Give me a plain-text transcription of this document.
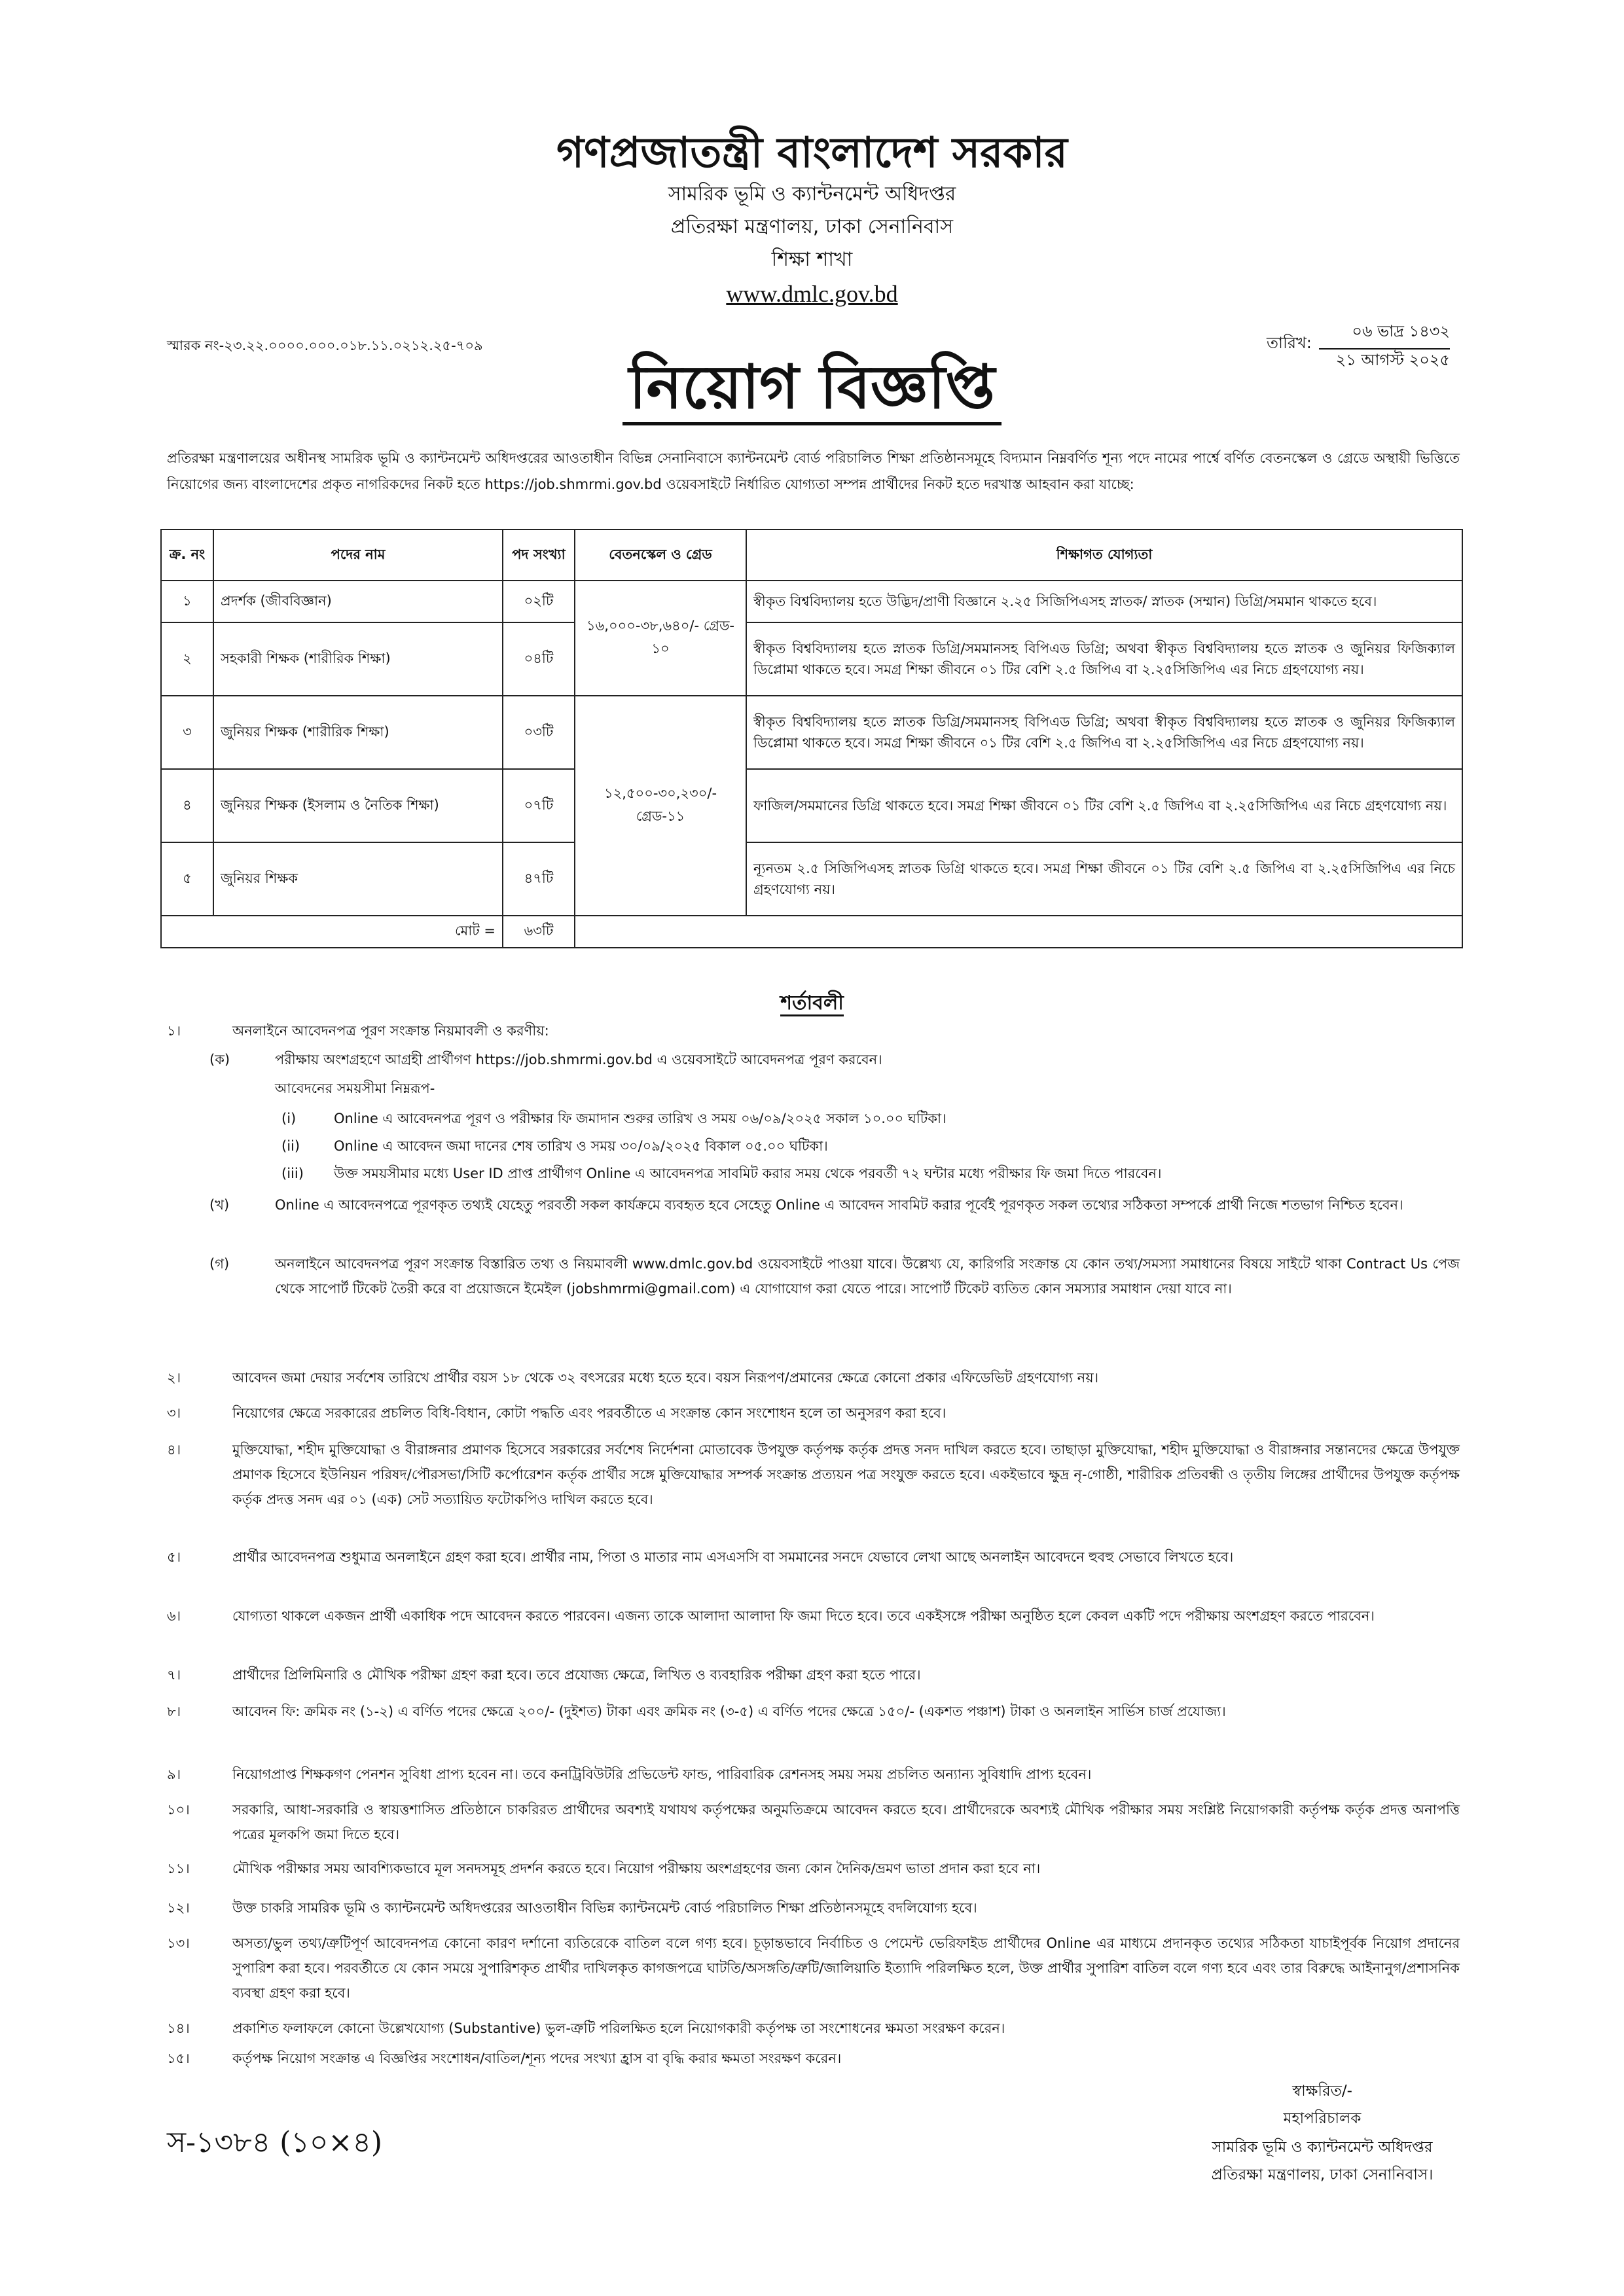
গণপ্রজাতন্ত্রী বাংলাদেশ সরকার
সামরিক ভূমি ও ক্যান্টনমেন্ট অধিদপ্তর
প্রতিরক্ষা মন্ত্রণালয়, ঢাকা সেনানিবাস
শিক্ষা শাখা
www.dmlc.gov.bd
স্মারক নং-২৩.২২.০০০০.০০০.০১৮.১১.০২১২.২৫-৭০৯	তারিখ:
০৬ ভাদ্র ১৪৩২
২১ আগস্ট ২০২৫
নিয়োগ বিজ্ঞপ্তি
প্রতিরক্ষা মন্ত্রণালয়ের অধীনস্থ সামরিক ভূমি ও ক্যান্টনমেন্ট অধিদপ্তরের আওতাধীন বিভিন্ন সেনানিবাসে ক্যান্টনমেন্ট বোর্ড পরিচালিত শিক্ষা প্রতিষ্ঠানসমূহে বিদ্যমান নিম্নবর্ণিত শূন্য পদে নামের পার্শ্বে বর্ণিত বেতনস্কেল ও গ্রেডে অস্থায়ী ভিত্তিতে নিয়োগের জন্য বাংলাদেশের প্রকৃত নাগরিকদের নিকট হতে https://job.shmrmi.gov.bd ওয়েবসাইটে নির্ধারিত যোগ্যতা সম্পন্ন প্রার্থীদের নিকট হতে দরখাস্ত আহবান করা যাচ্ছে:
ক্র. নং	পদের নাম	পদ সংখ্যা	বেতনস্কেল ও গ্রেড	শিক্ষাগত যোগ্যতা
১	প্রদর্শক (জীববিজ্ঞান)	০২টি	১৬,০০০-৩৮,৬৪০/- গ্রেড- ১০	স্বীকৃত বিশ্ববিদ্যালয় হতে উদ্ভিদ/প্রাণী বিজ্ঞানে ২.২৫ সিজিপিএসহ স্নাতক/ স্নাতক (সম্মান) ডিগ্রি/সমমান থাকতে হবে।
২	সহকারী শিক্ষক (শারীরিক শিক্ষা)	০৪টি		স্বীকৃত বিশ্ববিদ্যালয় হতে স্নাতক ডিগ্রি/সমমানসহ বিপিএড ডিগ্রি; অথবা স্বীকৃত বিশ্ববিদ্যালয় হতে স্নাতক ও জুনিয়র ফিজিক্যাল ডিপ্লোমা থাকতে হবে। সমগ্র শিক্ষা জীবনে ০১ টির বেশি ২.৫ জিপিএ বা ২.২৫সিজিপিএ এর নিচে গ্রহণযোগ্য নয়।
৩	জুনিয়র শিক্ষক (শারীরিক শিক্ষা)	০৩টি	১২,৫০০-৩০,২৩০/- গ্রেড-১১	স্বীকৃত বিশ্ববিদ্যালয় হতে স্নাতক ডিগ্রি/সমমানসহ বিপিএড ডিগ্রি; অথবা স্বীকৃত বিশ্ববিদ্যালয় হতে স্নাতক ও জুনিয়র ফিজিক্যাল ডিপ্লোমা থাকতে হবে। সমগ্র শিক্ষা জীবনে ০১ টির বেশি ২.৫ জিপিএ বা ২.২৫সিজিপিএ এর নিচে গ্রহণযোগ্য নয়।
৪	জুনিয়র শিক্ষক (ইসলাম ও নৈতিক শিক্ষা)	০৭টি		ফাজিল/সমমানের ডিগ্রি থাকতে হবে। সমগ্র শিক্ষা জীবনে ০১ টির বেশি ২.৫ জিপিএ বা ২.২৫সিজিপিএ এর নিচে গ্রহণযোগ্য নয়।
৫	জুনিয়র শিক্ষক	৪৭টি		ন্যূনতম ২.৫ সিজিপিএসহ স্নাতক ডিগ্রি থাকতে হবে। সমগ্র শিক্ষা জীবনে ০১ টির বেশি ২.৫ জিপিএ বা ২.২৫সিজিপিএ এর নিচে গ্রহণযোগ্য নয়।
মোট =		৬৩টি		
শর্তাবলী
১।	অনলাইনে আবেদনপত্র পূরণ সংক্রান্ত নিয়মাবলী ও করণীয়:
(ক)	পরীক্ষায় অংশগ্রহণে আগ্রহী প্রার্থীগণ https://job.shmrmi.gov.bd এ ওয়েবসাইটে আবেদনপত্র পূরণ করবেন।
আবেদনের সময়সীমা নিম্নরূপ-
(i)	Online এ আবেদনপত্র পূরণ ও পরীক্ষার ফি জমাদান শুরুর তারিখ ও সময় ০৬/০৯/২০২৫ সকাল ১০.০০ ঘটিকা।
(ii) Online এ আবেদন জমা দানের শেষ তারিখ ও সময় ৩০/০৯/২০২৫ বিকাল ০৫.০০ ঘটিকা।
(iii) উক্ত সময়সীমার মধ্যে User ID প্রাপ্ত প্রার্থীগণ Online এ আবেদনপত্র সাবমিট করার সময় থেকে পরবর্তী ৭২ ঘন্টার মধ্যে পরীক্ষার ফি জমা দিতে পারবেন।
(খ)	Online এ আবেদনপত্রে পূরণকৃত তথ্যই যেহেতু পরবর্তী সকল কার্যক্রমে ব্যবহৃত হবে সেহেতু Online এ আবেদন সাবমিট করার পূর্বেই পূরণকৃত সকল তথ্যের সঠিকতা সম্পর্কে প্রার্থী নিজে শতভাগ নিশ্চিত হবেন।
(গ)	অনলাইনে আবেদনপত্র পূরণ সংক্রান্ত বিস্তারিত তথ্য ও নিয়মাবলী www.dmlc.gov.bd ওয়েবসাইটে পাওয়া যাবে। উল্লেখ্য যে, কারিগরি সংক্রান্ত যে কোন তথ্য/সমস্যা সমাধানের বিষয়ে সাইটে থাকা Contract Us পেজ থেকে সাপোর্ট টিকেট তৈরী করে বা প্রয়োজনে ইমেইল (jobshmrmi@gmail.com) এ যোগাযোগ করা যেতে পারে। সাপোর্ট টিকেট ব্যতিত কোন সমস্যার সমাধান দেয়া যাবে না।
২।	আবেদন জমা দেয়ার সর্বশেষ তারিখে প্রার্থীর বয়স ১৮ থেকে ৩২ বৎসরের মধ্যে হতে হবে। বয়স নিরূপণ/প্রমানের ক্ষেত্রে কোনো প্রকার এফিডেভিট গ্রহণযোগ্য নয়।
৩।	নিয়োগের ক্ষেত্রে সরকারের প্রচলিত বিধি-বিধান, কোটা পদ্ধতি এবং পরবর্তীতে এ সংক্রান্ত কোন সংশোধন হলে তা অনুসরণ করা হবে।
৪।	মুক্তিযোদ্ধা, শহীদ মুক্তিযোদ্ধা ও বীরাঙ্গনার প্রমাণক হিসেবে সরকারের সর্বশেষ নির্দেশনা মোতাবেক উপযুক্ত কর্তৃপক্ষ কর্তৃক প্রদত্ত সনদ দাখিল করতে হবে। তাছাড়া মুক্তিযোদ্ধা, শহীদ মুক্তিযোদ্ধা ও বীরাঙ্গনার সন্তানদের ক্ষেত্রে উপযুক্ত প্রমাণক হিসেবে ইউনিয়ন পরিষদ/পৌরসভা/সিটি কর্পোরেশন কর্তৃক প্রার্থীর সঙ্গে মুক্তিযোদ্ধার সম্পর্ক সংক্রান্ত প্রত্যয়ন পত্র সংযুক্ত করতে হবে। একইভাবে ক্ষুদ্র নৃ-গোষ্ঠী, শারীরিক প্রতিবন্ধী ও তৃতীয় লিঙ্গের প্রার্থীদের উপযুক্ত কর্তৃপক্ষ কর্তৃক প্রদত্ত সনদ এর ০১ (এক) সেট সত্যায়িত ফটোকপিও দাখিল করতে হবে।
৫।	প্রার্থীর আবেদনপত্র শুধুমাত্র অনলাইনে গ্রহণ করা হবে। প্রার্থীর নাম, পিতা ও মাতার নাম এসএসসি বা সমমানের সনদে যেভাবে লেখা আছে অনলাইন আবেদনে হুবহু সেভাবে লিখতে হবে।
৬।	যোগ্যতা থাকলে একজন প্রার্থী একাধিক পদে আবেদন করতে পারবেন। এজন্য তাকে আলাদা আলাদা ফি জমা দিতে হবে। তবে একইসঙ্গে পরীক্ষা অনুষ্ঠিত হলে কেবল একটি পদে পরীক্ষায় অংশগ্রহণ করতে পারবেন।
৭।	প্রার্থীদের প্রিলিমিনারি ও মৌখিক পরীক্ষা গ্রহণ করা হবে। তবে প্রযোজ্য ক্ষেত্রে, লিখিত ও ব্যবহারিক পরীক্ষা গ্রহণ করা হতে পারে।
৮।	আবেদন ফি: ক্রমিক নং (১-২) এ বর্ণিত পদের ক্ষেত্রে ২০০/- (দুইশত) টাকা এবং ক্রমিক নং (৩-৫) এ বর্ণিত পদের ক্ষেত্রে ১৫০/- (একশত পঞ্চাশ) টাকা ও অনলাইন সার্ভিস চার্জ প্রযোজ্য।
৯।	নিয়োগপ্রাপ্ত শিক্ষকগণ পেনশন সুবিধা প্রাপ্য হবেন না। তবে কনট্রিবিউটরি প্রভিডেন্ট ফান্ড, পারিবারিক রেশনসহ সময় সময় প্রচলিত অন্যান্য সুবিধাদি প্রাপ্য হবেন।
১০।	সরকারি, আধা-সরকারি ও স্বায়ত্তশাসিত প্রতিষ্ঠানে চাকরিরত প্রার্থীদের অবশ্যই যথাযথ কর্তৃপক্ষের অনুমতিক্রমে আবেদন করতে হবে। প্রার্থীদেরকে অবশ্যই মৌখিক পরীক্ষার সময় সংশ্লিষ্ট নিয়োগকারী কর্তৃপক্ষ কর্তৃক প্রদত্ত অনাপত্তি পত্রের মূলকপি জমা দিতে হবে।
১১।	মৌখিক পরীক্ষার সময় আবশ্যিকভাবে মূল সনদসমূহ প্রদর্শন করতে হবে। নিয়োগ পরীক্ষায় অংশগ্রহণের জন্য কোন দৈনিক/ভ্রমণ ভাতা প্রদান করা হবে না।
১২।	উক্ত চাকরি সামরিক ভূমি ও ক্যান্টনমেন্ট অধিদপ্তরের আওতাধীন বিভিন্ন ক্যান্টনমেন্ট বোর্ড পরিচালিত শিক্ষা প্রতিষ্ঠানসমূহে বদলিযোগ্য হবে।
১৩।	অসত্য/ভুল তথ্য/ত্রুটিপূর্ণ আবেদনপত্র কোনো কারণ দর্শানো ব্যতিরেকে বাতিল বলে গণ্য হবে। চূড়ান্তভাবে নির্বাচিত ও পেমেন্ট ভেরিফাইড প্রার্থীদের Online এর মাধ্যমে প্রদানকৃত তথ্যের সঠিকতা যাচাইপূর্বক নিয়োগ প্রদানের সুপারিশ করা হবে। পরবর্তীতে যে কোন সময়ে সুপারিশকৃত প্রার্থীর দাখিলকৃত কাগজপত্রে ঘাটতি/অসঙ্গতি/ত্রুটি/জালিয়াতি ইত্যাদি পরিলক্ষিত হলে, উক্ত প্রার্থীর সুপারিশ বাতিল বলে গণ্য হবে এবং তার বিরুদ্ধে আইনানুগ/প্রশাসনিক ব্যবস্থা গ্রহণ করা হবে।
১৪।	প্রকাশিত ফলাফলে কোনো উল্লেখযোগ্য (Substantive) ভুল-ত্রুটি পরিলক্ষিত হলে নিয়োগকারী কর্তৃপক্ষ তা সংশোধনের ক্ষমতা সংরক্ষণ করেন।
১৫।	কর্তৃপক্ষ নিয়োগ সংক্রান্ত এ বিজ্ঞপ্তির সংশোধন/বাতিল/শূন্য পদের সংখ্যা হ্রাস বা বৃদ্ধি করার ক্ষমতা সংরক্ষণ করেন।
স্বাক্ষরিত/-
মহাপরিচালক
সামরিক ভূমি ও ক্যান্টনমেন্ট অধিদপ্তর
প্রতিরক্ষা মন্ত্রণালয়, ঢাকা সেনানিবাস।
স-১৩৮৪ (১০×৪)
